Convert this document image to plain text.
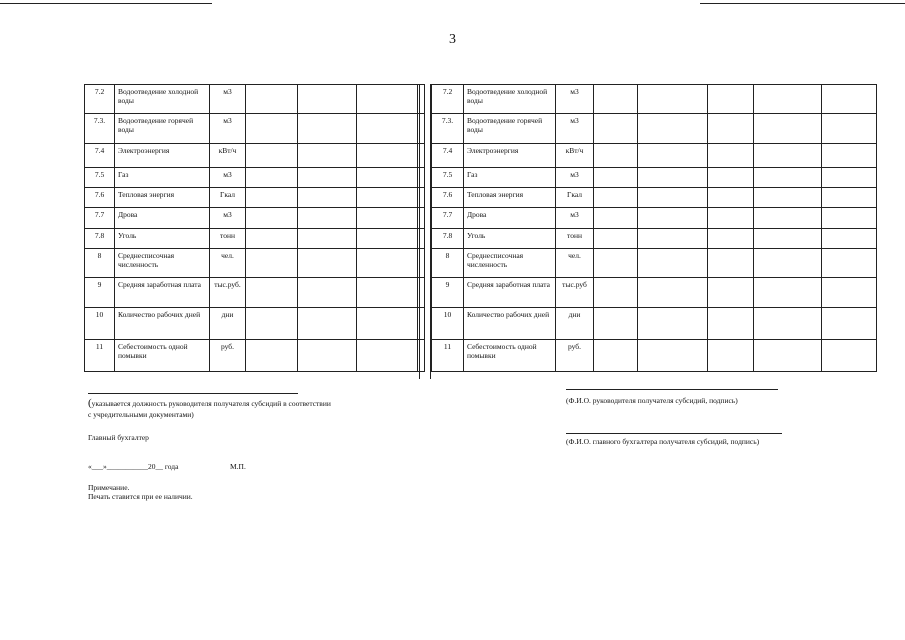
3
7.2	Водоотведение холодной воды	м3				
7.3.	Водоотведение горячей воды	м3				
7.4	Электроэнергия	кВт/ч				
7.5	Газ	м3				
7.6	Тепловая энергия	Гкал				
7.7	Дрова	м3				
7.8	Уголь	тонн				
8	Среднесписочная численность	чел.				
9	Средняя заработная плата	тыс.руб.				
10	Количество рабочих дней	дни				
11	Себестоимость одной помывки	руб.				
7.2	Водоотведение холодной воды	м3					
7.3.	Водоотведение горячей воды	м3					
7.4	Электроэнергия	кВт/ч					
7.5	Газ	м3					
7.6	Тепловая энергия	Гкал					
7.7	Дрова	м3					
7.8	Уголь	тонн					
8	Среднесписочная численность	чел.					
9	Средняя заработная плата	тыс.руб					
10	Количество рабочих дней	дни					
11	Себестоимость одной помывки	руб.					
(указывается должность руководителя получателя субсидий в соответствии
с учредительными документами)
Главный бухгалтер
«___»___________20__ года	М.П.
Примечание.
Печать ставится при ее наличии.
(Ф.И.О. руководителя получателя субсидий, подпись)
(Ф.И.О. главного бухгалтера получателя субсидий, подпись)
